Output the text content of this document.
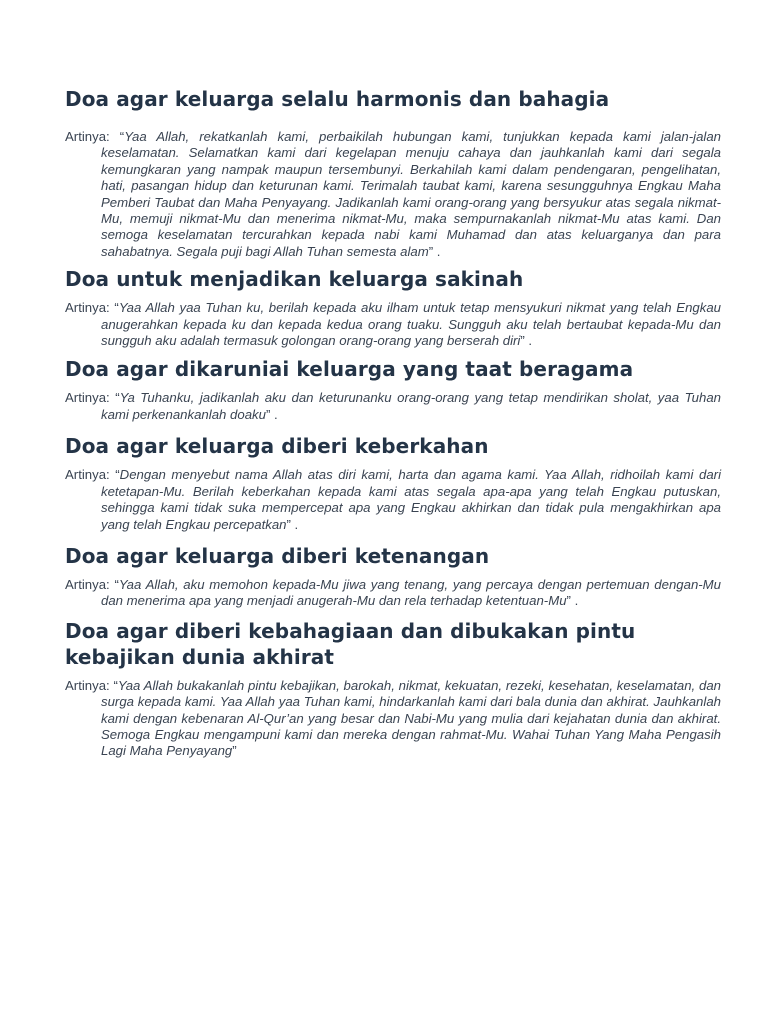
Doa agar keluarga selalu harmonis dan bahagia

Artinya: “Yaa Allah, rekatkanlah kami, perbaikilah hubungan kami, tunjukkan kepada kami jalan-jalan keselamatan. Selamatkan kami dari kegelapan menuju cahaya dan jauhkanlah kami dari segala kemungkaran yang nampak maupun tersembunyi. Berkahilah kami dalam pendengaran, pengelihatan, hati, pasangan hidup dan keturunan kami. Terimalah taubat kami, karena sesungguhnya Engkau Maha Pemberi Taubat dan Maha Penyayang. Jadikanlah kami orang-orang yang bersyukur atas segala nikmat-Mu, memuji nikmat-Mu dan menerima nikmat-Mu, maka sempurnakanlah nikmat-Mu atas kami. Dan semoga keselamatan tercurahkan kepada nabi kami Muhamad dan atas keluarganya dan para sahabatnya. Segala puji bagi Allah Tuhan semesta alam” .

Doa untuk menjadikan keluarga sakinah

Artinya: “Yaa Allah yaa Tuhan ku, berilah kepada aku ilham untuk tetap mensyukuri nikmat yang telah Engkau anugerahkan kepada ku dan kepada kedua orang tuaku. Sungguh aku telah bertaubat kepada-Mu dan sungguh aku adalah termasuk golongan orang-orang yang berserah diri” .

Doa agar dikaruniai keluarga yang taat beragama

Artinya: “Ya Tuhanku, jadikanlah aku dan keturunanku orang-orang yang tetap mendirikan sholat, yaa Tuhan kami perkenankanlah doaku” .

Doa agar keluarga diberi keberkahan

Artinya: “Dengan menyebut nama Allah atas diri kami, harta dan agama kami. Yaa Allah, ridhoilah kami dari ketetapan-Mu. Berilah keberkahan kepada kami atas segala apa-apa yang telah Engkau putuskan, sehingga kami tidak suka mempercepat apa yang Engkau akhirkan dan tidak pula mengakhirkan apa yang telah Engkau percepatkan” .

Doa agar keluarga diberi ketenangan

Artinya: “Yaa Allah, aku memohon kepada-Mu jiwa yang tenang, yang percaya dengan pertemuan dengan-Mu dan menerima apa yang menjadi anugerah-Mu dan rela terhadap ketentuan-Mu” .

Doa agar diberi kebahagiaan dan dibukakan pintu kebajikan dunia akhirat

Artinya: “Yaa Allah bukakanlah pintu kebajikan, barokah, nikmat, kekuatan, rezeki, kesehatan, keselamatan, dan surga kepada kami. Yaa Allah yaa Tuhan kami, hindarkanlah kami dari bala dunia dan akhirat. Jauhkanlah kami dengan kebenaran Al-Qur’an yang besar dan Nabi-Mu yang mulia dari kejahatan dunia dan akhirat. Semoga Engkau mengampuni kami dan mereka dengan rahmat-Mu. Wahai Tuhan Yang Maha Pengasih Lagi Maha Penyayang”
